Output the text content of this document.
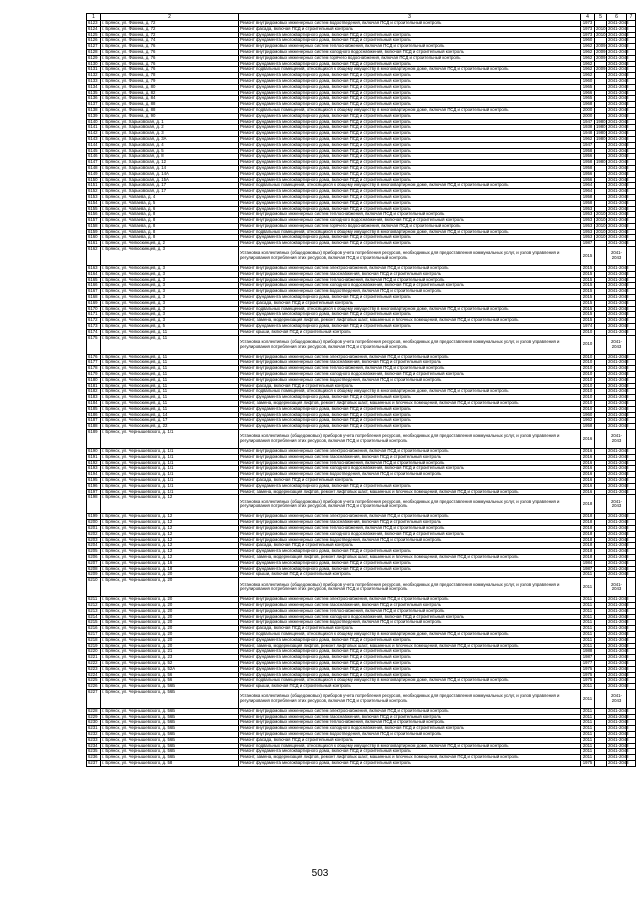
1	2	3	4	5	6	7
6123	г. Брянск, ул. Фокина, д. 72	Ремонт внутридомовых инженерных систем водоотведения, включая ПСД и строительный контроль	1973		2041-2043	
6124	г. Брянск, ул. Фокина, д. 72	Ремонт фасада, включая ПСД и строительный контроль	1973	2010	2041-2043	
6125	г. Брянск, ул. Фокина, д. 72	Ремонт фундамента многоквартирного дома, включая ПСД и строительный контроль	1973	2010	2041-2043	
6126	г. Брянск, ул. Фокина, д. 74	Ремонт фундамента многоквартирного дома, включая ПСД и строительный контроль	1960		2041-2043	
6127	г. Брянск, ул. Фокина, д. 76	Ремонт внутридомовых инженерных систем теплоснабжения, включая ПСД и строительный контроль	1962	2009	2041-2043	
6128	г. Брянск, ул. Фокина, д. 76	Ремонт внутридомовых инженерных систем холодного водоснабжения, включая ПСД и строительный контроль	1962	2009	2041-2043	
6129	г. Брянск, ул. Фокина, д. 76	Ремонт внутридомовых инженерных систем горячего водоснабжения, включая ПСД и строительный контроль	1962	2009	2041-2043	
6130	г. Брянск, ул. Фокина, д. 76	Ремонт фундамента многоквартирного дома, включая ПСД и строительный контроль	1962		2041-2043	
6131	г. Брянск, ул. Фокина, д. 76	Ремонт подвальных помещений, относящихся к общему имуществу в многоквартирном доме, включая ПСД и строительный контроль	1962	2009	2041-2043	
6132	г. Брянск, ул. Фокина, д. 78	Ремонт фундамента многоквартирного дома, включая ПСД и строительный контроль	1962		2041-2043	
6133	г. Брянск, ул. Фокина, д. 79	Ремонт фундамента многоквартирного дома, включая ПСД и строительный контроль	1960		2041-2043	
6134	г. Брянск, ул. Фокина, д. 80	Ремонт фундамента многоквартирного дома, включая ПСД и строительный контроль	1965		2041-2043	
6135	г. Брянск, ул. Фокина, д. 82	Ремонт фундамента многоквартирного дома, включая ПСД и строительный контроль	1966		2041-2043	
6136	г. Брянск, ул. Фокина, д. 84	Ремонт фундамента многоквартирного дома, включая ПСД и строительный контроль	1965		2041-2043	
6137	г. Брянск, ул. Фокина, д. 88	Ремонт фундамента многоквартирного дома, включая ПСД и строительный контроль	1968		2041-2043	
6138	г. Брянск, ул. Фокина, д. 88	Ремонт подвальных помещений, относящихся к общему имуществу в многоквартирном доме, включая ПСД и строительный контроль	2000		2041-2043	
6139	г. Брянск, ул. Фокина, д. 90	Ремонт фундамента многоквартирного дома, включая ПСД и строительный контроль	2000		2041-2043	
6140	г. Брянск, ул. Харьковская, д. 1	Ремонт фундамента многоквартирного дома, включая ПСД и строительный контроль	1947	1980	2041-2043	
6141	г. Брянск, ул. Харьковская, д. 2	Ремонт фундамента многоквартирного дома, включая ПСД и строительный контроль	1938	1980	2041-2043	
6142	г. Брянск, ул. Харьковская, д. 3	Ремонт фундамента многоквартирного дома, включая ПСД и строительный контроль	1948	1980	2041-2043	
6143	г. Брянск, ул. Харьковская, д. 3А	Ремонт фундамента многоквартирного дома, включая ПСД и строительный контроль	1962	1980	2041-2043	
6144	г. Брянск, ул. Харьковская, д. 4	Ремонт фундамента многоквартирного дома, включая ПСД и строительный контроль	1947		2041-2043	
6145	г. Брянск, ул. Харьковская, д. 5	Ремонт фундамента многоквартирного дома, включая ПСД и строительный контроль	1958		2041-2043	
6146	г. Брянск, ул. Харьковская, д. 8	Ремонт фундамента многоквартирного дома, включая ПСД и строительный контроль	1956		2041-2043	
6147	г. Брянск, ул. Харьковская, д. 12	Ремонт фундамента многоквартирного дома, включая ПСД и строительный контроль	1958	1980	2041-2043	
6148	г. Брянск, ул. Харьковская, д. 14	Ремонт фундамента многоквартирного дома, включая ПСД и строительный контроль	1958		2041-2043	
6149	г. Брянск, ул. Харьковская, д. 14А	Ремонт фундамента многоквартирного дома, включая ПСД и строительный контроль	1956		2041-2043	
6150	г. Брянск, ул. Харьковская, д. 15А	Ремонт фундамента многоквартирного дома, включая ПСД и строительный контроль	1956		2041-2043	
6151	г. Брянск, ул. Харьковская, д. 17	Ремонт подвальных помещений, относящихся к общему имуществу в многоквартирном доме, включая ПСД и строительный контроль	1964		2041-2043	
6152	г. Брянск, ул. Харьковская, д. 17	Ремонт фундамента многоквартирного дома, включая ПСД и строительный контроль	1964		2041-2043	
6153	г. Брянск, ул. Чапаева, д. 4	Ремонт фундамента многоквартирного дома, включая ПСД и строительный контроль	1958		2041-2043	
6154	г. Брянск, ул. Чапаева, д. 5	Ремонт фундамента многоквартирного дома, включая ПСД и строительный контроль	1958		2041-2043	
6155	г. Брянск, ул. Чапаева, д. 6	Ремонт фундамента многоквартирного дома, включая ПСД и строительный контроль	1953		2041-2043	
6156	г. Брянск, ул. Чапаева, д. 8	Ремонт внутридомовых инженерных систем теплоснабжения, включая ПСД и строительный контроль	1953	2010	2041-2043	
6157	г. Брянск, ул. Чапаева, д. 8	Ремонт внутридомовых инженерных систем холодного водоснабжения, включая ПСД и строительный контроль	1953	2010	2041-2043	
6158	г. Брянск, ул. Чапаева, д. 8	Ремонт внутридомовых инженерных систем горячего водоснабжения, включая ПСД и строительный контроль	1953	2010	2041-2043	
6159	г. Брянск, ул. Чапаева, д. 8	Ремонт подвальных помещений, относящихся к общему имуществу в многоквартирном доме, включая ПСД и строительный контроль	1953	2010	2041-2043	
6160	г. Брянск, ул. Чапаева, д. 8	Ремонт фундамента многоквартирного дома, включая ПСД и строительный контроль	1953	2010	2041-2043	
6161	г. Брянск, ул. Челюскинцев, д. 2	Ремонт фундамента многоквартирного дома, включая ПСД и строительный контроль	1987		2041-2043	
6162	г. Брянск, ул. Челюскинцев, д. 3	Установка коллективных (общедомовых) приборов учета потребления ресурсов, необходимых для предоставления коммунальных услуг, и узлов управления и регулирования потребления этих ресурсов, включая ПСД и строительный контроль	2015		2041-2043	
6163	г. Брянск, ул. Челюскинцев, д. 3	Ремонт внутридомовых инженерных систем электроснабжения, включая ПСД и строительный контроль	2015		2041-2043	
6164	г. Брянск, ул. Челюскинцев, д. 3	Ремонт внутридомовых инженерных систем газоснабжения, включая ПСД и строительный контроль	2015		2041-2043	
6165	г. Брянск, ул. Челюскинцев, д. 3	Ремонт внутридомовых инженерных систем теплоснабжения, включая ПСД и строительный контроль	2015		2041-2043	
6166	г. Брянск, ул. Челюскинцев, д. 3	Ремонт внутридомовых инженерных систем холодного водоснабжения, включая ПСД и строительный контроль	2015		2041-2043	
6167	г. Брянск, ул. Челюскинцев, д. 3	Ремонт внутридомовых инженерных систем водоотведения, включая ПСД и строительный контроль	2015		2041-2043	
6168	г. Брянск, ул. Челюскинцев, д. 3	Ремонт фундамента многоквартирного дома, включая ПСД и строительный контроль	2015		2041-2043	
6169	г. Брянск, ул. Челюскинцев, д. 3	Ремонт фасада, включая ПСД и строительный контроль	2015		2041-2043	
6170	г. Брянск, ул. Челюскинцев, д. 3	Ремонт подвальных помещений, относящихся к общему имуществу в многоквартирном доме, включая ПСД и строительный контроль	2015		2041-2043	
6171	г. Брянск, ул. Челюскинцев, д. 3	Ремонт фундамента многоквартирного дома, включая ПСД и строительный контроль	2015		2041-2043	
6172	г. Брянск, ул. Челюскинцев, д. 3	Ремонт, замена, модернизация лифтов, ремонт лифтовых шахт, машинных и блочных помещений, включая ПСД и строительный контроль	2015		2041-2043	
6173	г. Брянск, ул. Челюскинцев, д. 5	Ремонт фундамента многоквартирного дома, включая ПСД и строительный контроль	1974		2041-2043	
6174	г. Брянск, ул. Челюскинцев, д. 11	Ремонт крыши, включая ПСД и строительный контроль	2010		2041-2043	
6175	г. Брянск, ул. Челюскинцев, д. 11	Установка коллективных (общедомовых) приборов учета потребления ресурсов, необходимых для предоставления коммунальных услуг, и узлов управления и регулирования потребления этих ресурсов, включая ПСД и строительный контроль	2010		2041-2043	
6176	г. Брянск, ул. Челюскинцев, д. 11	Ремонт внутридомовых инженерных систем электроснабжения, включая ПСД и строительный контроль	2010		2041-2043	
6177	г. Брянск, ул. Челюскинцев, д. 11	Ремонт внутридомовых инженерных систем газоснабжения, включая ПСД и строительный контроль	2010		2041-2043	
6178	г. Брянск, ул. Челюскинцев, д. 11	Ремонт внутридомовых инженерных систем теплоснабжения, включая ПСД и строительный контроль	2010		2041-2043	
6179	г. Брянск, ул. Челюскинцев, д. 11	Ремонт внутридомовых инженерных систем холодного водоснабжения, включая ПСД и строительный контроль	2010		2041-2043	
6180	г. Брянск, ул. Челюскинцев, д. 11	Ремонт внутридомовых инженерных систем водоотведения, включая ПСД и строительный контроль	2010		2041-2043	
6181	г. Брянск, ул. Челюскинцев, д. 11	Ремонт фасада, включая ПСД и строительный контроль	2010		2041-2043	
6182	г. Брянск, ул. Челюскинцев, д. 11	Ремонт подвальных помещений, относящихся к общему имуществу в многоквартирном доме, включая ПСД и строительный контроль	2010		2041-2043	
6183	г. Брянск, ул. Челюскинцев, д. 11	Ремонт фундамента многоквартирного дома, включая ПСД и строительный контроль	2010		2041-2043	
6184	г. Брянск, ул. Челюскинцев, д. 11	Ремонт, замена, модернизация лифтов, ремонт лифтовых шахт, машинных и блочных помещений, включая ПСД и строительный контроль	2010		2041-2043	
6185	г. Брянск, ул. Челюскинцев, д. 11	Ремонт фундамента многоквартирного дома, включая ПСД и строительный контроль	2010		2041-2043	
6186	г. Брянск, ул. Челюскинцев, д. 14	Ремонт фундамента многоквартирного дома, включая ПСД и строительный контроль	1960		2041-2043	
6187	г. Брянск, ул. Челюскинцев, д. 17	Ремонт фундамента многоквартирного дома, включая ПСД и строительный контроль	1962		2041-2043	
6188	г. Брянск, ул. Челюскинцев, д. 22	Ремонт фундамента многоквартирного дома, включая ПСД и строительный контроль	1958		2041-2043	
6189	г. Брянск, ул. Чернышевского, д. 1/1	Установка коллективных (общедомовых) приборов учета потребления ресурсов, необходимых для предоставления коммунальных услуг, и узлов управления и регулирования потребления этих ресурсов, включая ПСД и строительный контроль	2016		2041-2043	
6190	г. Брянск, ул. Чернышевского, д. 1/1	Ремонт внутридомовых инженерных систем электроснабжения, включая ПСД и строительный контроль	2016		2041-2043	
6191	г. Брянск, ул. Чернышевского, д. 1/1	Ремонт внутридомовых инженерных систем газоснабжения, включая ПСД и строительный контроль	2016		2041-2043	
6192	г. Брянск, ул. Чернышевского, д. 1/1	Ремонт внутридомовых инженерных систем теплоснабжения, включая ПСД и строительный контроль	2016		2041-2043	
6193	г. Брянск, ул. Чернышевского, д. 1/1	Ремонт внутридомовых инженерных систем холодного водоснабжения, включая ПСД и строительный контроль	2016		2041-2043	
6194	г. Брянск, ул. Чернышевского, д. 1/1	Ремонт внутридомовых инженерных систем водоотведения, включая ПСД и строительный контроль	2016		2041-2043	
6195	г. Брянск, ул. Чернышевского, д. 1/1	Ремонт фасада, включая ПСД и строительный контроль	2016		2041-2043	
6196	г. Брянск, ул. Чернышевского, д. 1/1	Ремонт фундамента многоквартирного дома, включая ПСД и строительный контроль	2016		2041-2043	
6197	г. Брянск, ул. Чернышевского, д. 1/1	Ремонт, замена, модернизация лифтов, ремонт лифтовых шахт, машинных и блочных помещений, включая ПСД и строительный контроль	2016		2041-2043	
6198	г. Брянск, ул. Чернышевского, д. 12	Установка коллективных (общедомовых) приборов учета потребления ресурсов, необходимых для предоставления коммунальных услуг, и узлов управления и регулирования потребления этих ресурсов, включая ПСД и строительный контроль	2018		2041-2043	
6199	г. Брянск, ул. Чернышевского, д. 12	Ремонт внутридомовых инженерных систем электроснабжения, включая ПСД и строительный контроль	2018		2041-2043	
6200	г. Брянск, ул. Чернышевского, д. 12	Ремонт внутридомовых инженерных систем газоснабжения, включая ПСД и строительный контроль	2018		2041-2043	
6201	г. Брянск, ул. Чернышевского, д. 12	Ремонт внутридомовых инженерных систем теплоснабжения, включая ПСД и строительный контроль	2018		2041-2043	
6202	г. Брянск, ул. Чернышевского, д. 12	Ремонт внутридомовых инженерных систем холодного водоснабжения, включая ПСД и строительный контроль	2018		2041-2043	
6203	г. Брянск, ул. Чернышевского, д. 12	Ремонт внутридомовых инженерных систем водоотведения, включая ПСД и строительный контроль	2018		2041-2043	
6204	г. Брянск, ул. Чернышевского, д. 12	Ремонт фасада, включая ПСД и строительный контроль	2018		2041-2043	
6205	г. Брянск, ул. Чернышевского, д. 12	Ремонт фундамента многоквартирного дома, включая ПСД и строительный контроль	2018		2041-2043	
6206	г. Брянск, ул. Чернышевского, д. 12	Ремонт, замена, модернизация лифтов, ремонт лифтовых шахт, машинных и блочных помещений, включая ПСД и строительный контроль	2018		2041-2043	
6207	г. Брянск, ул. Чернышевского, д. 16	Ремонт фундамента многоквартирного дома, включая ПСД и строительный контроль	1984		2041-2043	
6208	г. Брянск, ул. Чернышевского, д. 18	Ремонт фундамента многоквартирного дома, включая ПСД и строительный контроль	1987		2041-2043	
6209	г. Брянск, ул. Чернышевского, д. 20	Ремонт крыши, включая ПСД и строительный контроль	2011		2041-2043	
6210	г. Брянск, ул. Чернышевского, д. 20	Установка коллективных (общедомовых) приборов учета потребления ресурсов, необходимых для предоставления коммунальных услуг, и узлов управления и регулирования потребления этих ресурсов, включая ПСД и строительный контроль	2011		2041-2043	
6211	г. Брянск, ул. Чернышевского, д. 20	Ремонт внутридомовых инженерных систем электроснабжения, включая ПСД и строительный контроль	2011		2041-2043	
6212	г. Брянск, ул. Чернышевского, д. 20	Ремонт внутридомовых инженерных систем газоснабжения, включая ПСД и строительный контроль	2011		2041-2043	
6213	г. Брянск, ул. Чернышевского, д. 20	Ремонт внутридомовых инженерных систем теплоснабжения, включая ПСД и строительный контроль	2011		2041-2043	
6214	г. Брянск, ул. Чернышевского, д. 20	Ремонт внутридомовых инженерных систем холодного водоснабжения, включая ПСД и строительный контроль	2011		2041-2043	
6215	г. Брянск, ул. Чернышевского, д. 20	Ремонт внутридомовых инженерных систем водоотведения, включая ПСД и строительный контроль	2011		2041-2043	
6216	г. Брянск, ул. Чернышевского, д. 20	Ремонт фасада, включая ПСД и строительный контроль	2011		2041-2043	
6217	г. Брянск, ул. Чернышевского, д. 20	Ремонт подвальных помещений, относящихся к общему имуществу в многоквартирном доме, включая ПСД и строительный контроль	2011		2041-2043	
6218	г. Брянск, ул. Чернышевского, д. 20	Ремонт фундамента многоквартирного дома, включая ПСД и строительный контроль	2011		2041-2043	
6219	г. Брянск, ул. Чернышевского, д. 20	Ремонт, замена, модернизация лифтов, ремонт лифтовых шахт, машинных и блочных помещений, включая ПСД и строительный контроль	2011		2041-2043	
6220	г. Брянск, ул. Чернышевского, д. 21	Ремонт фундамента многоквартирного дома, включая ПСД и строительный контроль	1988		2041-2043	
6221	г. Брянск, ул. Чернышевского, д. 23	Ремонт фундамента многоквартирного дома, включая ПСД и строительный контроль	1987		2041-2043	
6222	г. Брянск, ул. Чернышевского, д. 52	Ремонт фундамента многоквартирного дома, включая ПСД и строительный контроль	1977		2041-2043	
6223	г. Брянск, ул. Чернышевского, д. 52А	Ремонт фундамента многоквартирного дома, включая ПСД и строительный контроль	1975		2041-2043	
6224	г. Брянск, ул. Чернышевского, д. 56	Ремонт фундамента многоквартирного дома, включая ПСД и строительный контроль	1975		2041-2043	
6225	г. Брянск, ул. Чернышевского, д. 56	Ремонт подвальных помещений, относящихся к общему имуществу в многоквартирном доме, включая ПСД и строительный контроль	1975		2041-2043	
6226	г. Брянск, ул. Чернышевского, д. 56Б	Ремонт крыши, включая ПСД и строительный контроль	2011		2041-2043	
6227	г. Брянск, ул. Чернышевского, д. 56Б	Установка коллективных (общедомовых) приборов учета потребления ресурсов, необходимых для предоставления коммунальных услуг, и узлов управления и регулирования потребления этих ресурсов, включая ПСД и строительный контроль	2011		2041-2043	
6228	г. Брянск, ул. Чернышевского, д. 56Б	Ремонт внутридомовых инженерных систем электроснабжения, включая ПСД и строительный контроль	2011		2041-2043	
6229	г. Брянск, ул. Чернышевского, д. 56Б	Ремонт внутридомовых инженерных систем газоснабжения, включая ПСД и строительный контроль	2011		2041-2043	
6230	г. Брянск, ул. Чернышевского, д. 56Б	Ремонт внутридомовых инженерных систем теплоснабжения, включая ПСД и строительный контроль	2011		2041-2043	
6231	г. Брянск, ул. Чернышевского, д. 56Б	Ремонт внутридомовых инженерных систем холодного водоснабжения, включая ПСД и строительный контроль	2011		2041-2043	
6232	г. Брянск, ул. Чернышевского, д. 56Б	Ремонт внутридомовых инженерных систем водоотведения, включая ПСД и строительный контроль	2011		2041-2043	
6233	г. Брянск, ул. Чернышевского, д. 56Б	Ремонт фасада, включая ПСД и строительный контроль	2011		2041-2043	
6234	г. Брянск, ул. Чернышевского, д. 56Б	Ремонт подвальных помещений, относящихся к общему имуществу в многоквартирном доме, включая ПСД и строительный контроль	2011		2041-2043	
6235	г. Брянск, ул. Чернышевского, д. 56Б	Ремонт фундамента многоквартирного дома, включая ПСД и строительный контроль	2011		2041-2043	
6236	г. Брянск, ул. Чернышевского, д. 56Б	Ремонт, замена, модернизация лифтов, ремонт лифтовых шахт, машинных и блочных помещений, включая ПСД и строительный контроль	2011		2041-2043	
6237	г. Брянск, ул. Чернышевского, д. 58	Ремонт фундамента многоквартирного дома, включая ПСД и строительный контроль	1975		2041-2043	
503
